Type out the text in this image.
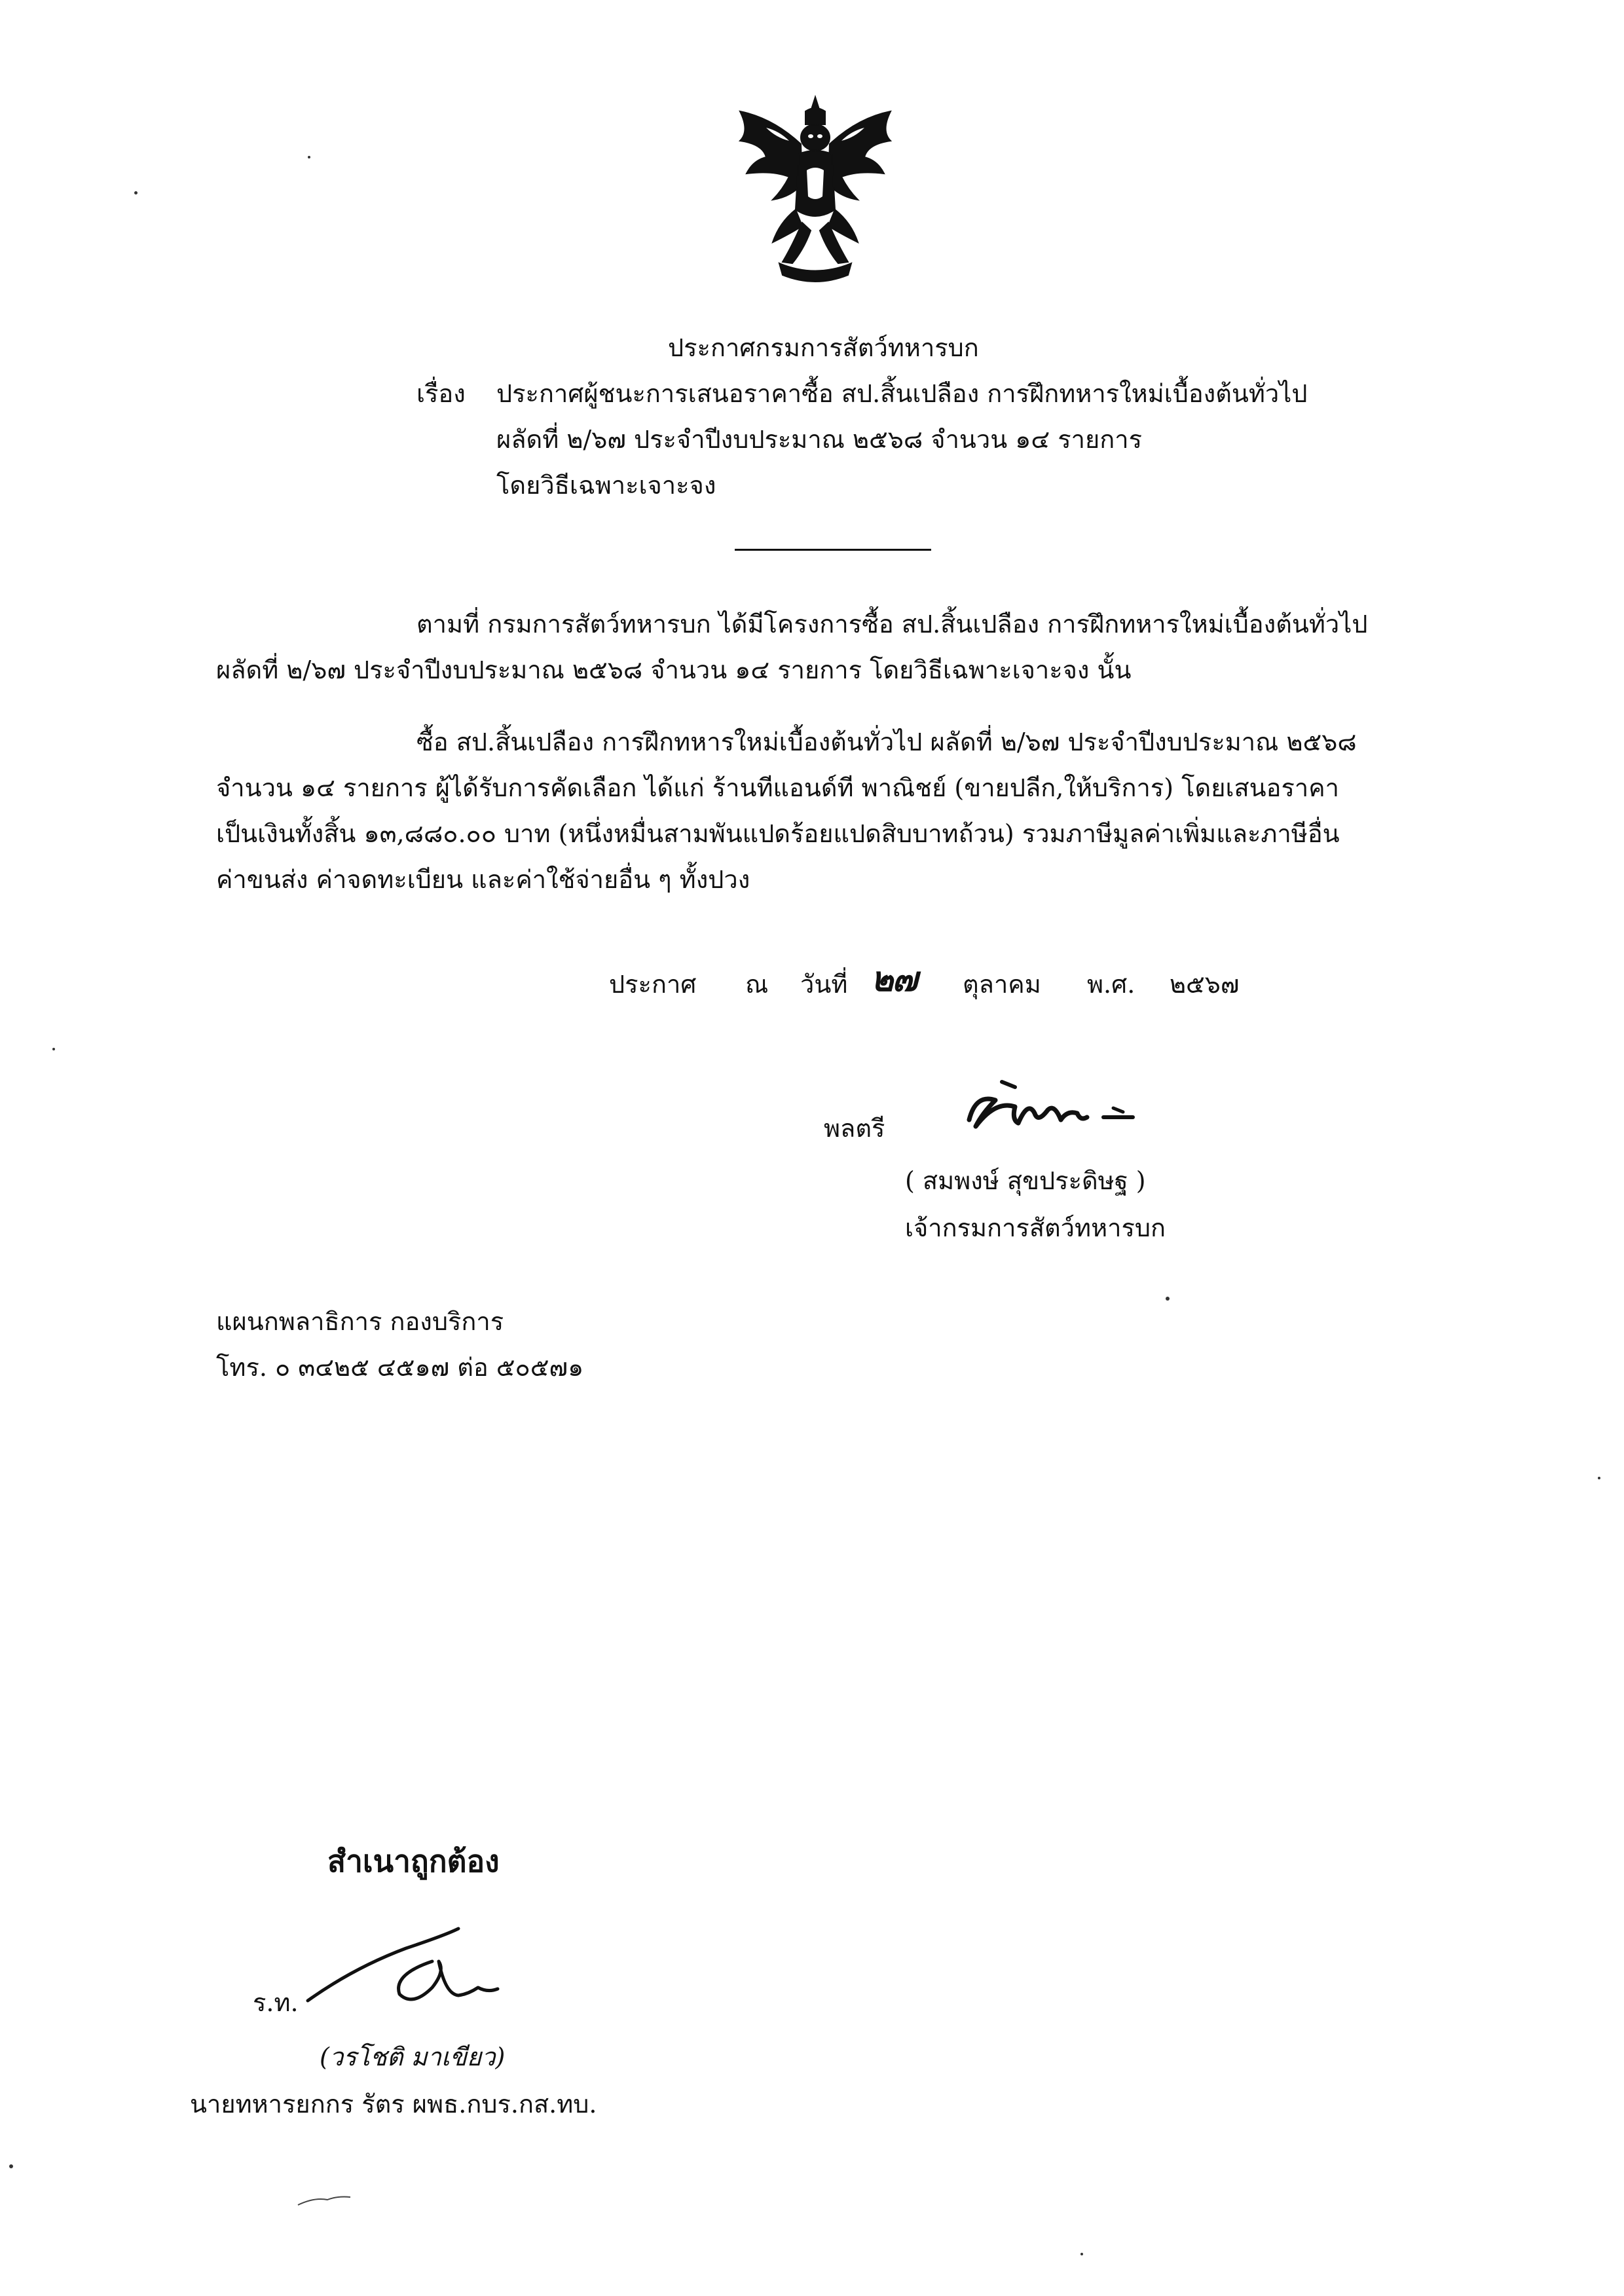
ประกาศกรมการสัตว์ทหารบก
เรื่อง ประกาศผู้ชนะการเสนอราคาซื้อ สป.สิ้นเปลือง การฝึกทหารใหม่เบื้องต้นทั่วไป
ผลัดที่ ๒/๖๗ ประจำปีงบประมาณ ๒๕๖๘ จำนวน ๑๔ รายการ
โดยวิธีเฉพาะเจาะจง
ตามที่ กรมการสัตว์ทหารบก ได้มีโครงการซื้อ สป.สิ้นเปลือง การฝึกทหารใหม่เบื้องต้นทั่วไป
ผลัดที่ ๒/๖๗ ประจำปีงบประมาณ ๒๕๖๘ จำนวน ๑๔ รายการ โดยวิธีเฉพาะเจาะจง นั้น
ซื้อ สป.สิ้นเปลือง การฝึกทหารใหม่เบื้องต้นทั่วไป ผลัดที่ ๒/๖๗ ประจำปีงบประมาณ ๒๕๖๘
จำนวน ๑๔ รายการ ผู้ได้รับการคัดเลือก ได้แก่ ร้านทีแอนด์ที พาณิชย์ (ขายปลีก,ให้บริการ) โดยเสนอราคา
เป็นเงินทั้งสิ้น ๑๓,๘๘๐.๐๐ บาท (หนึ่งหมื่นสามพันแปดร้อยแปดสิบบาทถ้วน) รวมภาษีมูลค่าเพิ่มและภาษีอื่น
ค่าขนส่ง ค่าจดทะเบียน และค่าใช้จ่ายอื่น ๆ ทั้งปวง
ประกาศ ณ วันที่ ๒๗ ตุลาคม พ.ศ. ๒๕๖๗
พลตรี
( สมพงษ์ สุขประดิษฐ )
เจ้ากรมการสัตว์ทหารบก
แผนกพลาธิการ กองบริการ
โทร. ๐ ๓๔๒๕ ๔๕๑๗ ต่อ ๕๐๕๗๑
สำเนาถูกต้อง
ร.ท.
(วรโชติ มาเขียว)
นายทหารยกกร รัตร ผพธ.กบร.กส.ทบ.
